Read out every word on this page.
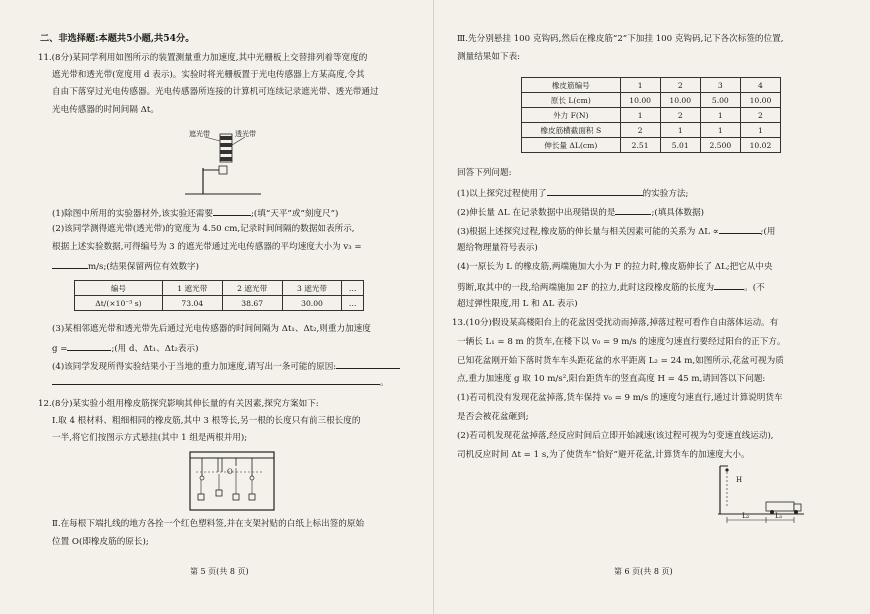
二、非选择题:本题共5小题,共54分。
11.(8分)某同学利用如图所示的装置测量重力加速度,其中光栅板上交替排列着等宽度的
遮光带和透光带(宽度用 d 表示)。实验时将光栅板置于光电传感器上方某高度,令其
自由下落穿过光电传感器。光电传感器所连接的计算机可连续记录遮光带、透光带通过
光电传感器的时间间隔 Δt。
遮光带	透光带
(1)除图中所用的实验器材外,该实验还需要	;(填“天平”或“刻度尺”)
(2)该同学测得遮光带(透光带)的宽度为 4.50 cm,记录时间间隔的数据如表所示,
根据上述实验数据,可得编号为 3 的遮光带通过光电传感器的平均速度大小为 v₃ =
m/s;(结果保留两位有效数字)
编号	1 遮光带	2 遮光带	3 遮光带	…
Δt/(×10⁻³ s)	73.04	38.67	30.00	…
(3)某相邻遮光带和透光带先后通过光电传感器的时间间隔为 Δt₁、Δt₂,则重力加速度
g =	;(用 d、Δt₁、Δt₂表示)
(4)该同学发现所得实验结果小于当地的重力加速度,请写出一条可能的原因:
。
12.(8分)某实验小组用橡皮筋探究影响其伸长量的有关因素,探究方案如下:
Ⅰ.取 4 根材料、粗细相同的橡皮筋,其中 3 根等长,另一根的长度只有前三根长度的
一半,将它们按图示方式悬挂(其中 1 组是两根并用);
O
Ⅱ.在每根下端扎线的地方各拴一个红色塑料签,并在支架衬贴的白纸上标出签的原始
位置 O(即橡皮筋的原长);
第 5 页(共 8 页)
Ⅲ.先分别悬挂 100 克钩码,然后在橡皮筋“2”下加挂 100 克钩码,记下各次标签的位置,
测量结果如下表:
橡皮筋编号	1	2	3	4
原长 L(cm)	10.00	10.00	5.00	10.00
外力 F(N)	1	2	1	2
橡皮筋横截面积 S	2	1	1	1
伸长量 ΔL(cm)	2.51	5.01	2.500	10.02
回答下列问题:
(1)以上探究过程使用了	的实验方法;
(2)伸长量 ΔL 在记录数据中出现错误的是	;(填具体数据)
(3)根据上述探究过程,橡皮筋的伸长量与相关因素可能的关系为 ΔL ∝	;(用
题给物理量符号表示)
(4)一原长为 L 的橡皮筋,两端施加大小为 F 的拉力时,橡皮筋伸长了 ΔL;把它从中央
剪断,取其中的一段,给两端施加 2F 的拉力,此时这段橡皮筋的长度为	。(不
超过弹性限度,用 L 和 ΔL 表示)
13.(10分)假设某高楼阳台上的花盆因受扰动而掉落,掉落过程可看作自由落体运动。有
一辆长 L₁ = 8 m 的货车,在楼下以 v₀ = 9 m/s 的速度匀速直行要经过阳台的正下方。
已知花盆刚开始下落时货车车头距花盆的水平距离 L₂ = 24 m,如图所示,花盆可视为质
点,重力加速度 g 取 10 m/s²,阳台距货车的竖直高度 H = 45 m,请回答以下问题:
(1)若司机没有发现花盆掉落,货车保持 v₀ = 9 m/s 的速度匀速直行,通过计算说明货车
是否会被花盆砸到;
(2)若司机发现花盆掉落,经反应时间后立即开始减速(该过程可视为匀变速直线运动),
司机反应时间 Δt = 1 s,为了使货车“恰好”避开花盆,计算货车的加速度大小。
H
L₂	L₁
第 6 页(共 8 页)
